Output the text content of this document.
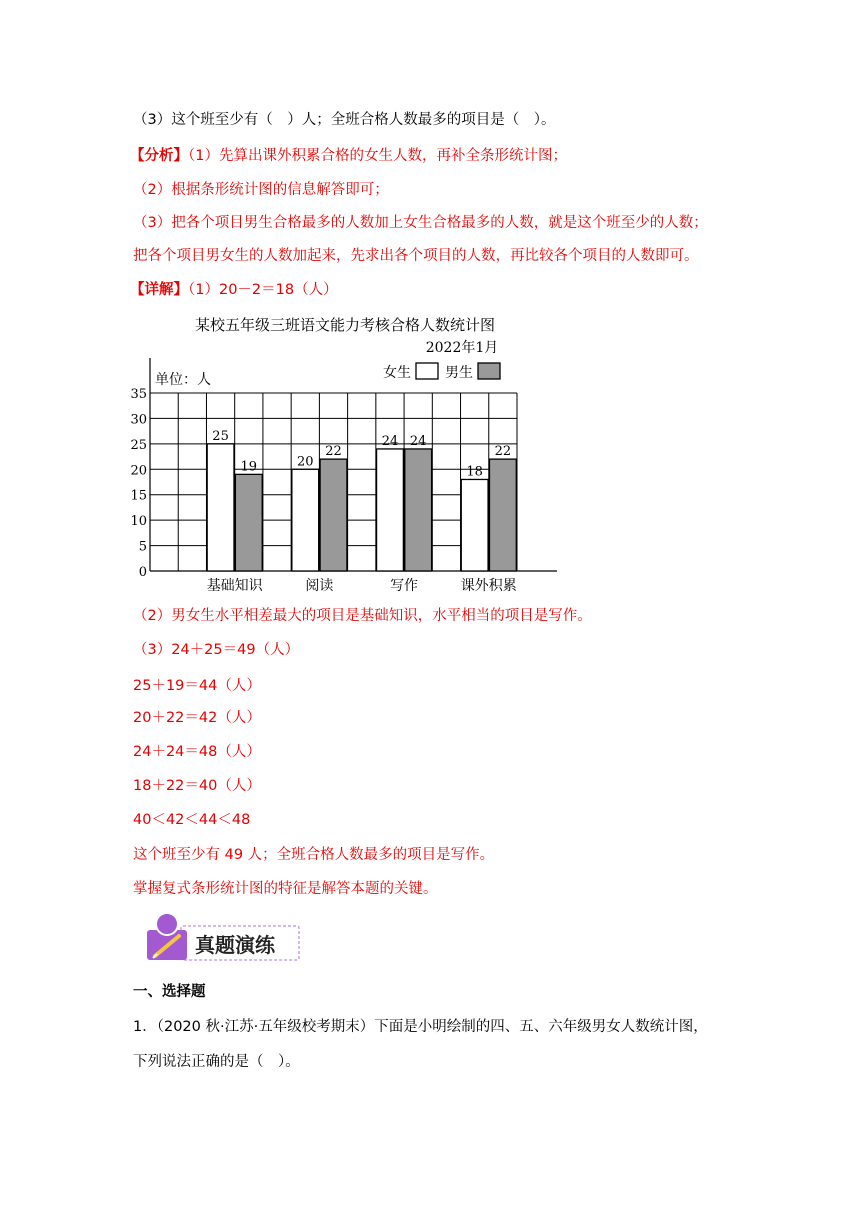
（3）这个班至少有（　）人；全班合格人数最多的项目是（　）。
【分析】（1）先算出课外积累合格的女生人数，再补全条形统计图；
（2）根据条形统计图的信息解答即可；
（3）把各个项目男生合格最多的人数加上女生合格最多的人数，就是这个班至少的人数；
把各个项目男女生的人数加起来，先求出各个项目的人数，再比较各个项目的人数即可。
【详解】（1）20－2＝18（人）
某校五年级三班语文能力考核合格人数统计图
2022年1月
单位：人	女生 男生
0
5
10
15
20
25
30
35
25
19	20
22
24 24
18
22
基础知识	阅读	写作	课外积累
（2）男女生水平相差最大的项目是基础知识，水平相当的项目是写作。
（3）24＋25＝49（人）
25＋19＝44（人）
20＋22＝42（人）
24＋24＝48（人）
18＋22＝40（人）
40＜42＜44＜48
这个班至少有 49 人；全班合格人数最多的项目是写作。
掌握复式条形统计图的特征是解答本题的关键。
真题演练
一、选择题
1．（2020 秋·江苏·五年级校考期末）下面是小明绘制的四、五、六年级男女人数统计图，
下列说法正确的是（　）。
